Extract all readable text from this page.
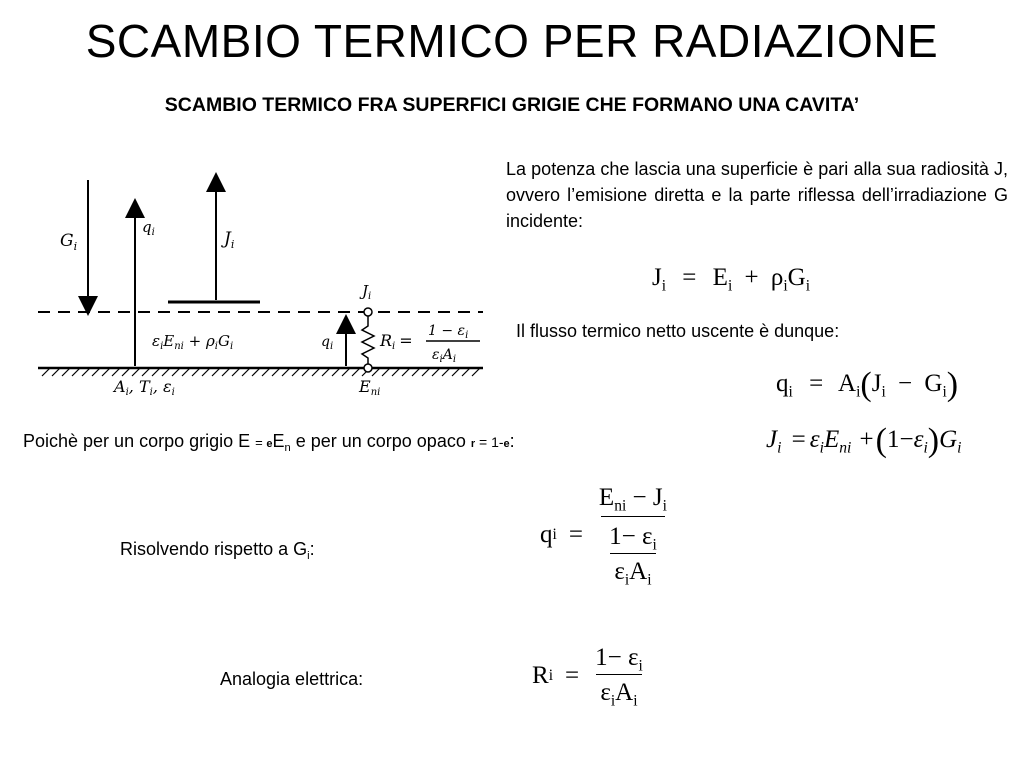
SCAMBIO TERMICO PER RADIAZIONE
SCAMBIO TERMICO FRA SUPERFICI GRIGIE CHE FORMANO UNA CAVITA’
$G_i$
$q_i$	$J_i$
$J_i$
$q_i$	$Ri = 1 - \varepsilon_i$
$\varepsilon_iA_i$
$\varepsilon_iE_{ni} + \rho_iG_i$
Ai, Ti, εi	Eni
La potenza che lascia una superficie è pari alla sua radiosità J, ovvero l’emisione diretta e la parte riflessa dell’irradiazione G incidente:
$J_i = E_i + \rho_iG_i$
Il flusso termico netto uscente è dunque:
$q_i = A_i(J_i - G_i)$
Poichè per un corpo grigio $E = eE_n$ e per un corpo opaco r = 1-e:	$J_i = \varepsilon_iE_{ni} +(1-\varepsilon_i)G_i$
Risolvendo rispetto a $G_i$:
q $i = \frac{E_{ni} - J_i}{\frac{1- \varepsilon_i}{\varepsilon_iA_i}}$
Analogia elettrica:	R $i = \frac{1- \varepsilon_i}{\varepsilon_iA_i}$
